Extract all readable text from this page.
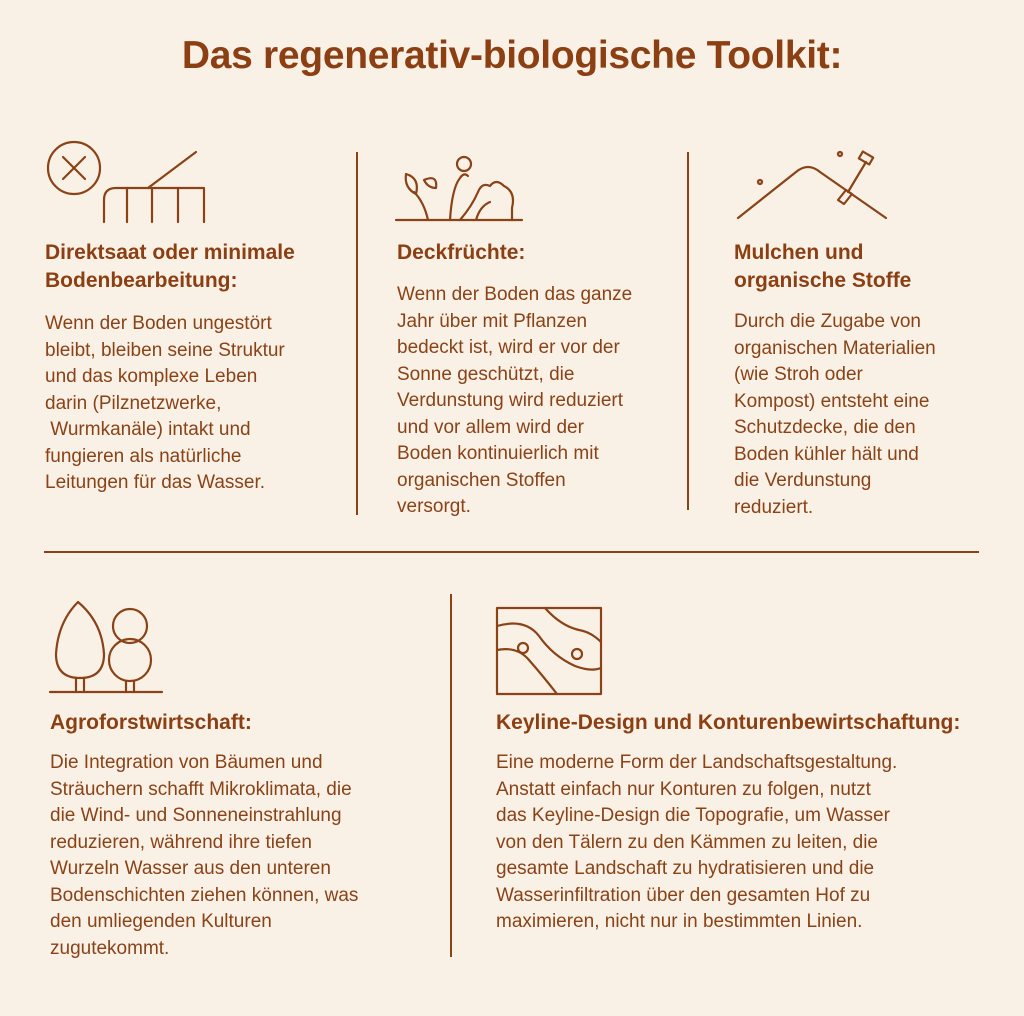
Das regenerativ-biologische Toolkit:
Direktsaat oder minimale Bodenbearbeitung:
Wenn der Boden ungestört
bleibt, bleiben seine Struktur
und das komplexe Leben
darin (Pilznetzwerke,
Wurmkanäle) intakt und
fungieren als natürliche
Leitungen für das Wasser.
Deckfrüchte:
Wenn der Boden das ganze
Jahr über mit Pflanzen
bedeckt ist, wird er vor der
Sonne geschützt, die
Verdunstung wird reduziert
und vor allem wird der
Boden kontinuierlich mit
organischen Stoffen
versorgt.
Mulchen und
organische Stoffe
Durch die Zugabe von
organischen Materialien
(wie Stroh oder
Kompost) entsteht eine
Schutzdecke, die den
Boden kühler hält und
die Verdunstung
reduziert.
Agroforstwirtschaft:
Die Integration von Bäumen und
Sträuchern schafft Mikroklimata, die
die Wind- und Sonneneinstrahlung
reduzieren, während ihre tiefen
Wurzeln Wasser aus den unteren
Bodenschichten ziehen können, was
den umliegenden Kulturen
zugutekommt.
Keyline-Design und Konturenbewirtschaftung:
Eine moderne Form der Landschaftsgestaltung.
Anstatt einfach nur Konturen zu folgen, nutzt
das Keyline-Design die Topografie, um Wasser
von den Tälern zu den Kämmen zu leiten, die
gesamte Landschaft zu hydratisieren und die
Wasserinfiltration über den gesamten Hof zu
maximieren, nicht nur in bestimmten Linien.
